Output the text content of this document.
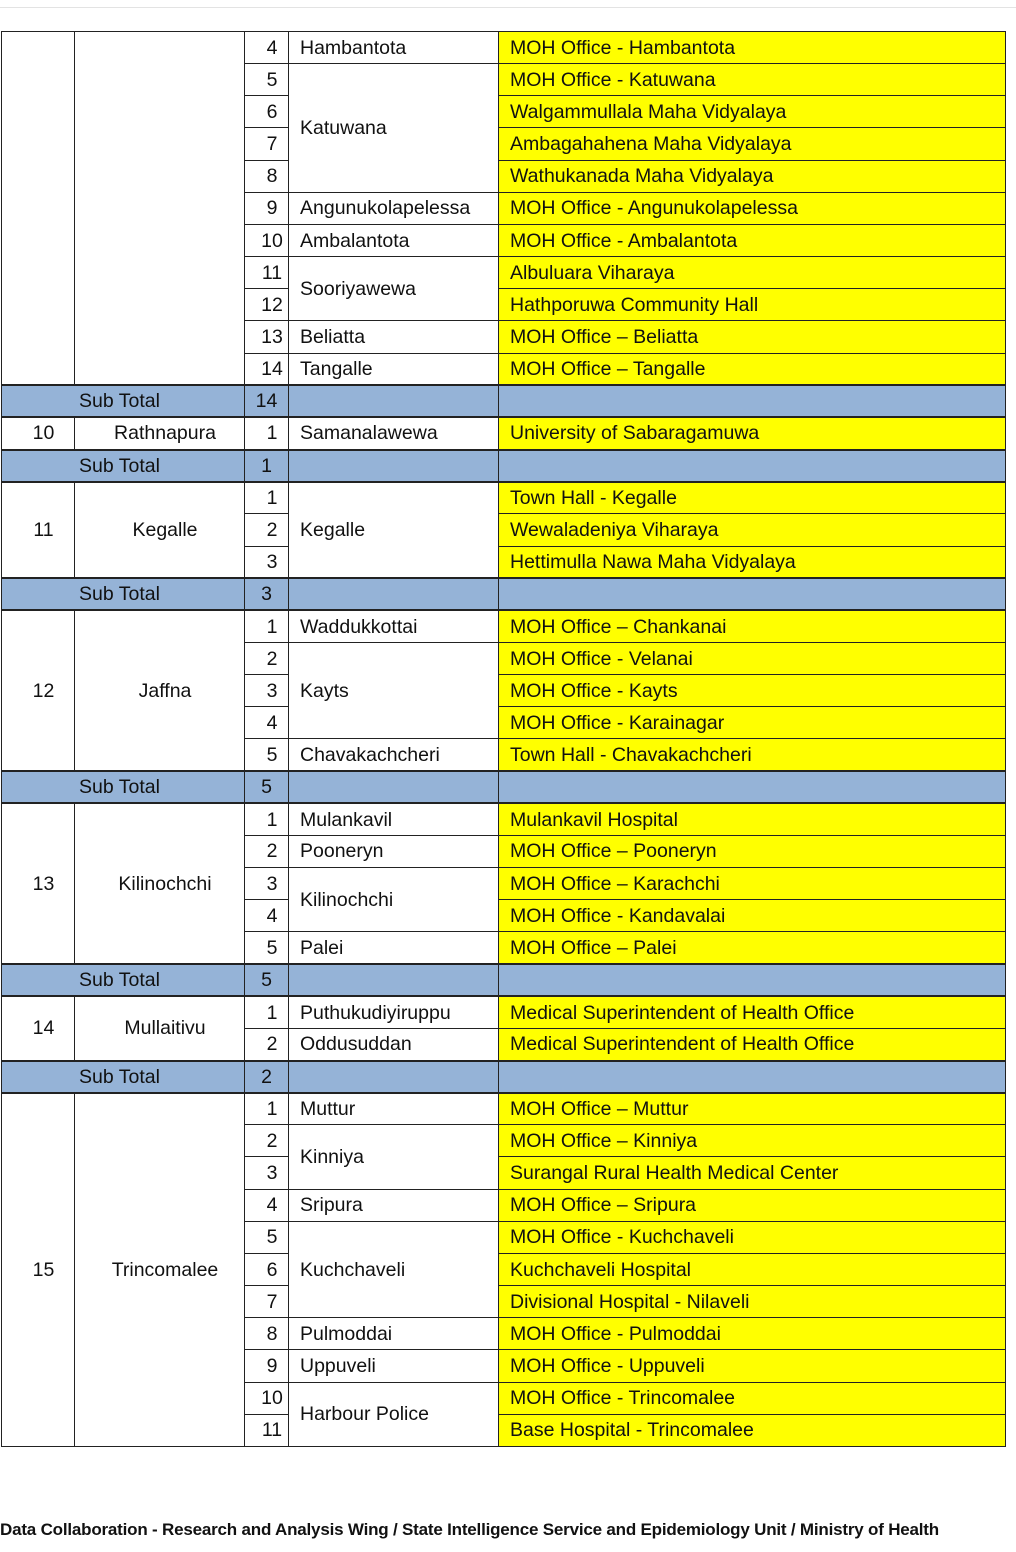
		4	Hambantota	MOH Office - Hambantota
		5	Katuwana	MOH Office - Katuwana
		6		Walgammullala Maha Vidyalaya
		7		Ambagahahena Maha Vidyalaya
		8		Wathukanada Maha Vidyalaya
		9	Angunukolapelessa	MOH Office - Angunukolapelessa
		10	Ambalantota	MOH Office - Ambalantota
		11	Sooriyawewa	Albuluara Viharaya
		12		Hathporuwa Community Hall
		13	Beliatta	MOH Office – Beliatta
		14	Tangalle	MOH Office – Tangalle
Sub Total		14		
10	Rathnapura	1	Samanalawewa	University of Sabaragamuwa
Sub Total		1		
11	Kegalle	1	Kegalle	Town Hall - Kegalle
		2		Wewaladeniya Viharaya
		3		Hettimulla Nawa Maha Vidyalaya
Sub Total		3		
12	Jaffna	1	Waddukkottai	MOH Office – Chankanai
		2	Kayts	MOH Office - Velanai
		3		MOH Office - Kayts
		4		MOH Office - Karainagar
		5	Chavakachcheri	Town Hall - Chavakachcheri
Sub Total		5		
13	Kilinochchi	1	Mulankavil	Mulankavil Hospital
		2	Pooneryn	MOH Office – Pooneryn
		3	Kilinochchi	MOH Office – Karachchi
		4		MOH Office - Kandavalai
		5	Palei	MOH Office – Palei
Sub Total		5		
14	Mullaitivu	1	Puthukudiyiruppu	Medical Superintendent of Health Office
		2	Oddusuddan	Medical Superintendent of Health Office
Sub Total		2		
15	Trincomalee	1	Muttur	MOH Office – Muttur
		2	Kinniya	MOH Office – Kinniya
		3		Surangal Rural Health Medical Center
		4	Sripura	MOH Office – Sripura
		5	Kuchchaveli	MOH Office - Kuchchaveli
		6		Kuchchaveli Hospital
		7		Divisional Hospital - Nilaveli
		8	Pulmoddai	MOH Office - Pulmoddai
		9	Uppuveli	MOH Office - Uppuveli
		10	Harbour Police	MOH Office - Trincomalee
		11		Base Hospital - Trincomalee
Data Collaboration - Research and Analysis Wing / State Intelligence Service and Epidemiology Unit / Ministry of Health
